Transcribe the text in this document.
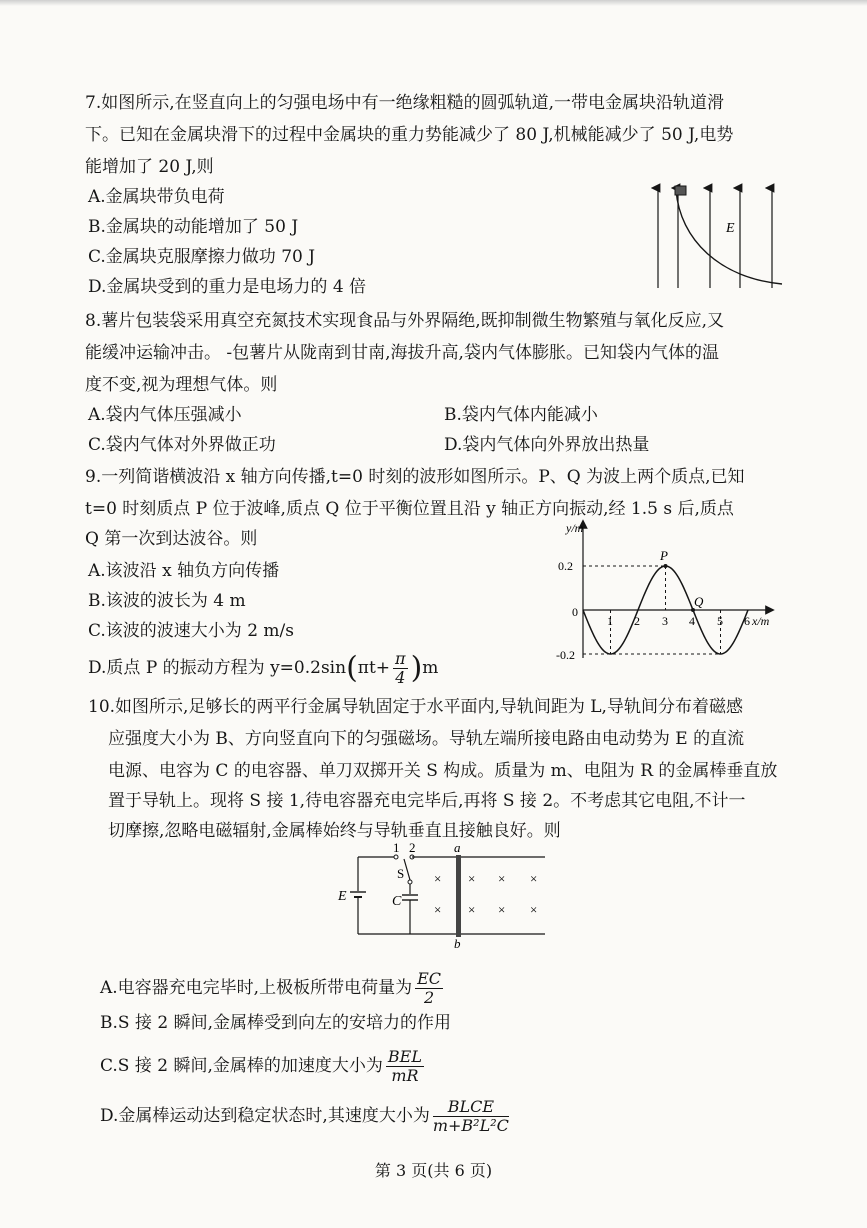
7.如图所示,在竖直向上的匀强电场中有一绝缘粗糙的圆弧轨道,一带电金属块沿轨道滑
下。已知在金属块滑下的过程中金属块的重力势能减少了 80 J,机械能减少了 50 J,电势
能增加了 20 J,则
A.金属块带负电荷
B.金属块的动能增加了 50 J
C.金属块克服摩擦力做功 70 J
D.金属块受到的重力是电场力的 4 倍
E
8.薯片包装袋采用真空充氮技术实现食品与外界隔绝,既抑制微生物繁殖与氧化反应,又
能缓冲运输冲击。 -包薯片从陇南到甘南,海拔升高,袋内气体膨胀。已知袋内气体的温
度不变,视为理想气体。则
A.袋内气体压强减小	B.袋内气体内能减小
C.袋内气体对外界做正功	D.袋内气体向外界放出热量
9.一列简谐横波沿 x 轴方向传播,t=0 时刻的波形如图所示。P、Q 为波上两个质点,已知
t=0 时刻质点 P 位于波峰,质点 Q 位于平衡位置且沿 y 轴正方向振动,经 1.5 s 后,质点
Q 第一次到达波谷。则
A.该波沿 x 轴负方向传播
B.该波的波长为 4 m
C.该波的波速大小为 2 m/s
D.质点 P 的振动方程为 $y=0.2\sin(\pi t+ \frac{\pi}{4} )m$
y/m
0
0.2
-0.2
1 2 3 4 5 6 x/m
P
Q
10.如图所示,足够长的两平行金属导轨固定于水平面内,导轨间距为 L,导轨间分布着磁感
应强度大小为 B、方向竖直向下的匀强磁场。导轨左端所接电路由电动势为 E 的直流
电源、电容为 C 的电容器、单刀双掷开关 S 构成。质量为 m、电阻为 R 的金属棒垂直放
置于导轨上。现将 S 接 1,待电容器充电完毕后,再将 S 接 2。不考虑其它电阻,不计一
切摩擦,忽略电磁辐射,金属棒始终与导轨垂直且接触良好。则
×
×
×
×
×
×
×
×
1 2
S
E	C
a
b
A.电容器充电完毕时,上极板所带电荷量为 $\frac{EC}{2}$
B.S 接 2 瞬间,金属棒受到向左的安培力的作用
C.S 接 2 瞬间,金属棒的加速度大小为 $\frac{\text{BEL}}{mR}$
D.金属棒运动达到稳定状态时,其速度大小为 $\frac{\text{BLCE}}{\text{m+B²L²C}}$
第 3 页(共 6 页)
